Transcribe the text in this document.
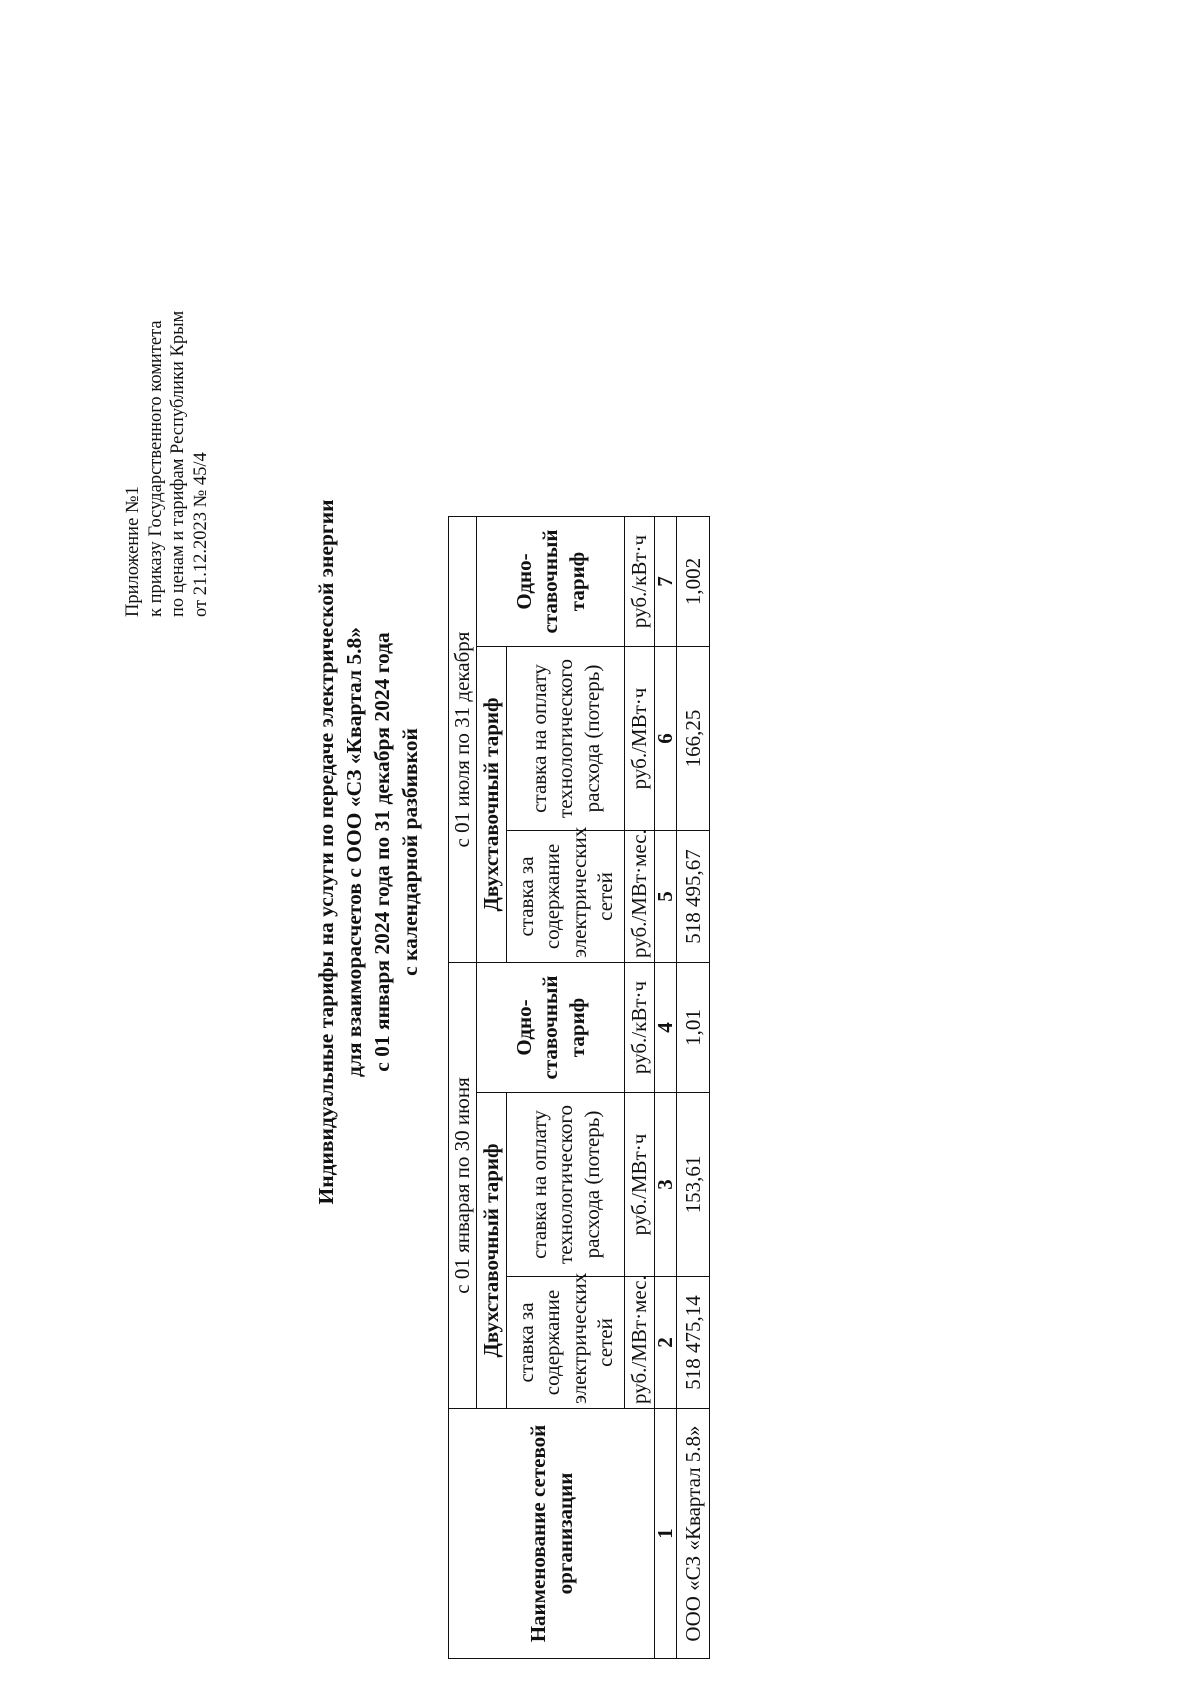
Приложение №1 к приказу Государственного комитета по ценам и тарифам Республики Крым от 21.12.2023 № 45/4	Индивидуальные тарифы на услуги по передаче электрической энергии для взаиморасчетов с ООО «СЗ «Квартал 5.8» с 01 января 2024 года по 31 декабря 2024 года с календарной разбивкой
Наименование сетевой организации	с 01 январая по 30 июня			с 01 июля по 31 декабря			
	Двухставочный тариф		Одно-ставочный тариф	Двухставочный тариф		Одно-ставочный тариф	
	ставка за содержание электрических сетей	ставка на оплату технологического расхода (потерь)		ставка за содержание электрических сетей	ставка на оплату технологического расхода (потерь)		
	руб./МВт·мес.	руб./МВт·ч	руб./кВт·ч	руб./МВт·мес.	руб./МВт·ч	руб./кВт·ч	
1	2	3	4	5	6	7	
ООО «СЗ «Квартал 5.8»	518 475,14	153,61	1,01	518 495,67	166,25	1,002	
